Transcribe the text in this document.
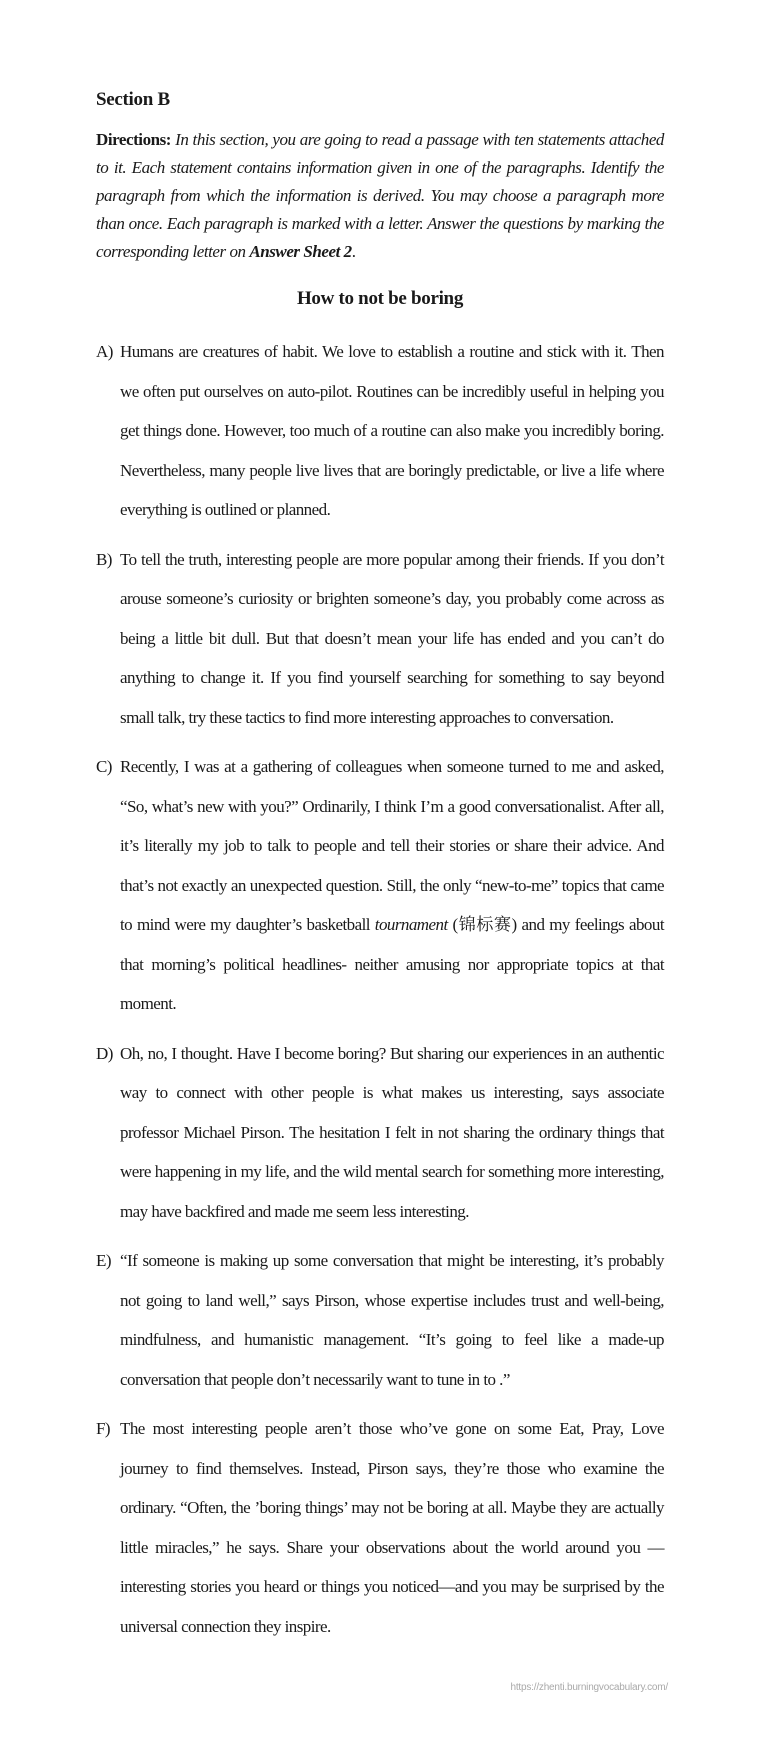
Section B

Directions: In this section, you are going to read a passage with ten statements attached to it. Each statement contains information given in one of the paragraphs. Identify the paragraph from which the information is derived. You may choose a paragraph more than once. Each paragraph is marked with a letter. Answer the questions by marking the corresponding letter on Answer Sheet 2.

How to not be boring
A) Humans are creatures of habit. We love to establish a routine and stick with it. Then we often put ourselves on auto-pilot. Routines can be incredibly useful in helping you get things done. However, too much of a routine can also make you incredibly boring. Nevertheless, many people live lives that are boringly predictable, or live a life where everything is outlined or planned.
B) To tell the truth, interesting people are more popular among their friends. If you don’t arouse someone’s curiosity or brighten someone’s day, you probably come across as being a little bit dull. But that doesn’t mean your life has ended and you can’t do anything to change it. If you find yourself searching for something to say beyond small talk, try these tactics to find more interesting approaches to conversation.
C) Recently, I was at a gathering of colleagues when someone turned to me and asked, “So, what’s new with you?” Ordinarily, I think I’m a good conversationalist. After all, it’s literally my job to talk to people and tell their stories or share their advice. And that’s not exactly an unexpected question. Still, the only “new-to-me” topics that came to mind were my daughter’s basketball tournament (锦标赛) and my feelings about that morning’s political headlines- neither amusing nor appropriate topics at that moment.
D) Oh, no, I thought. Have I become boring? But sharing our experiences in an authentic way to connect with other people is what makes us interesting, says associate professor Michael Pirson. The hesitation I felt in not sharing the ordinary things that were happening in my life, and the wild mental search for something more interesting, may have backfired and made me seem less interesting.
E) “If someone is making up some conversation that might be interesting, it’s probably not going to land well,” says Pirson, whose expertise includes trust and well-being, mindfulness, and humanistic management. “It’s going to feel like a made-up conversation that people don’t necessarily want to tune in to .”
F) The most interesting people aren’t those who’ve gone on some Eat, Pray, Love journey to find themselves. Instead, Pirson says, they’re those who examine the ordinary. “Often, the ’boring things’ may not be boring at all. Maybe they are actually little miracles,” he says. Share your observations about the world around you —interesting stories you heard or things you noticed—and you may be surprised by the universal connection they inspire.
https://zhenti.burningvocabulary.com/
